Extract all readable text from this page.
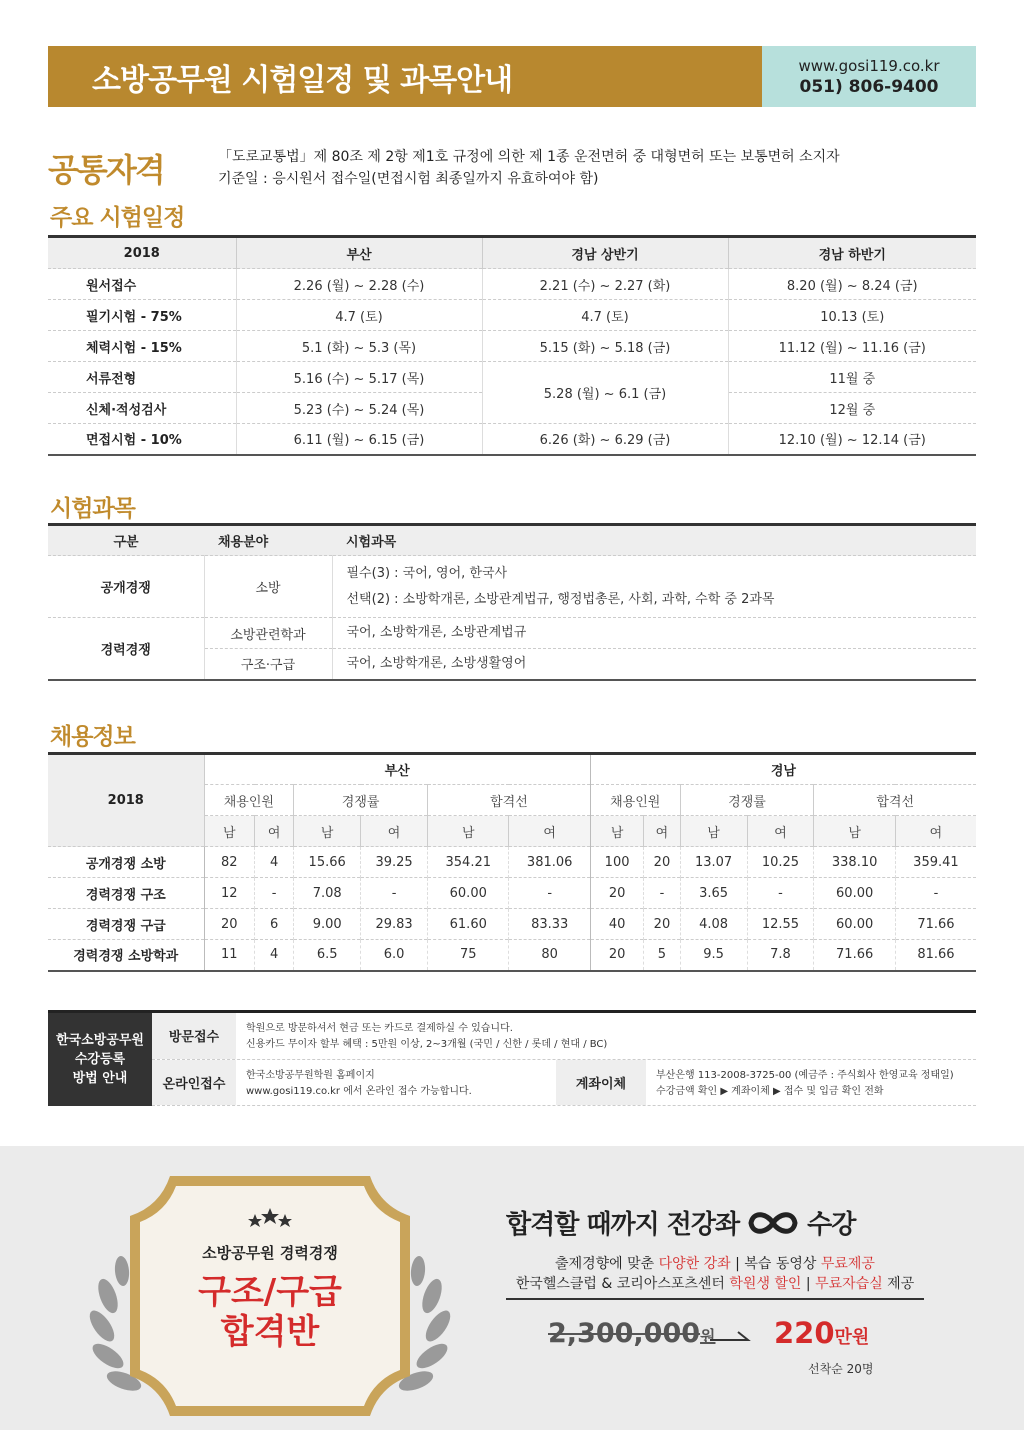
소방공무원 시험일정 및 과목안내	www.gosi119.co.kr
051) 806-9400
공통자격	「도로교통법」제 80조 제 2항 제1호 규정에 의한 제 1종 운전면허 중 대형면허 또는 보통면허 소지자
기준일 : 응시원서 접수일(면접시험 최종일까지 유효하여야 함)
주요 시험일정
2018	부산	경남 상반기	경남 하반기
원서접수	2.26 (월) ~ 2.28 (수)	2.21 (수) ~ 2.27 (화)	8.20 (월) ~ 8.24 (금)
필기시험 - 75%	4.7 (토)	4.7 (토)	10.13 (토)
체력시험 - 15%	5.1 (화) ~ 5.3 (목)	5.15 (화) ~ 5.18 (금)	11.12 (월) ~ 11.16 (금)
서류전형	5.16 (수) ~ 5.17 (목)	5.28 (월) ~ 6.1 (금)	11월 중
신체·적성검사	5.23 (수) ~ 5.24 (목)		12월 중
면접시험 - 10%	6.11 (월) ~ 6.15 (금)	6.26 (화) ~ 6.29 (금)	12.10 (월) ~ 12.14 (금)
시험과목
구분	채용분야	시험과목
공개경쟁	소방	필수(3) : 국어, 영어, 한국사
선택(2) : 소방학개론, 소방관계법규, 행정법총론, 사회, 과학, 수학 중 2과목

경력경쟁	소방관련학과	국어, 소방학개론, 소방관계법규
	구조·구급	국어, 소방학개론, 소방생활영어
채용정보
2018	부산						경남					
	채용인원		경쟁률		합격선		채용인원		경쟁률		합격선	
	남	여	남	여	남	여	남	여	남	여	남	여
공개경쟁 소방	82	4	15.66	39.25	354.21	381.06	100	20	13.07	10.25	338.10	359.41
경력경쟁 구조	12	-	7.08	-	60.00	-	20	-	3.65	-	60.00	-
경력경쟁 구급	20	6	9.00	29.83	61.60	83.33	40	20	4.08	12.55	60.00	71.66
경력경쟁 소방학과	11	4	6.5	6.0	75	80	20	5	9.5	7.8	71.66	81.66
한국소방공무원
수강등록
방법 안내
방문접수
학원으로 방문하셔서 현금 또는 카드로 결제하실 수 있습니다.
신용카드 무이자 할부 혜택 : 5만원 이상, 2~3개월 (국민 / 신한 / 롯데 / 현대 / BC)
온라인접수
한국소방공무원학원 홈페이지
www.gosi119.co.kr 에서 온라인 접수 가능합니다.	계좌이체
부산은행 113-2008-3725-00 (예금주 : 주식회사 한영교육 정태일)
수강금액 확인 ▶ 계좌이체 ▶ 접수 및 입금 확인 전화
소방공무원 경력경쟁
구조/구급
합격반
합격할 때까지 전강좌	수강
출제경향에 맞춘 다양한 강좌 | 복습 동영상 무료제공
한국헬스클럽 & 코리아스포츠센터 학원생 할인 | 무료자습실 제공
2,300,000원 220만원
선착순 20명
